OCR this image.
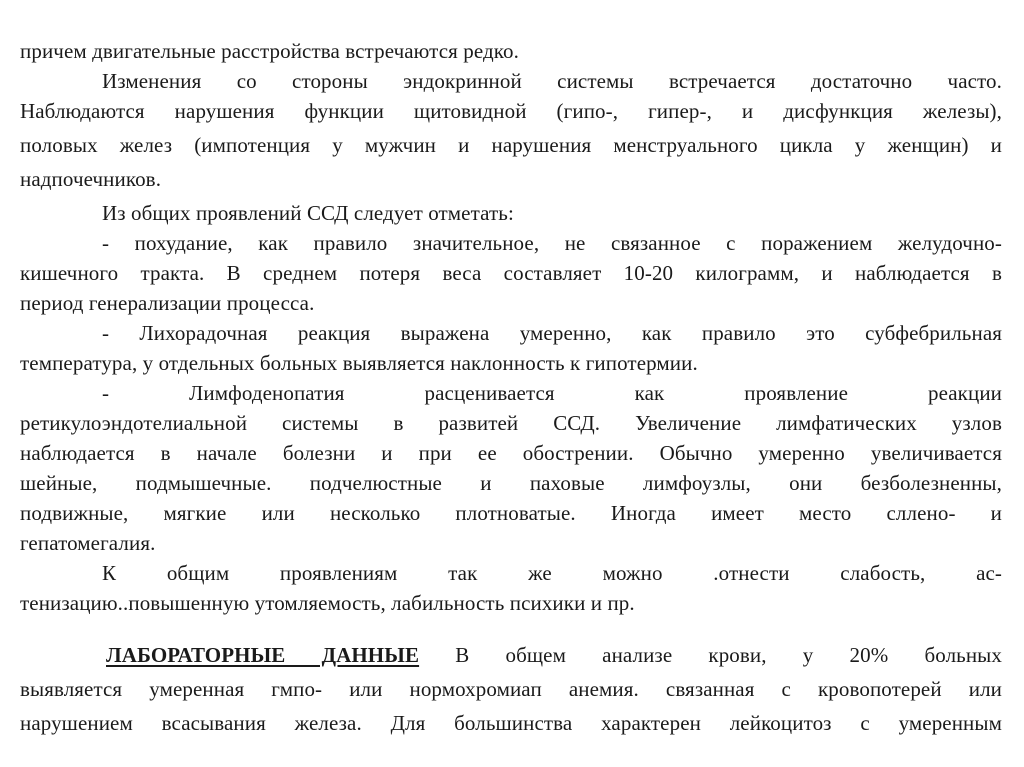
причем двигательные расстройства встречаются редко.
Изменения со стороны эндокринной системы встречается достаточно часто.
Наблюдаются нарушения функции щитовидной (гипо-, гипер-, и дисфункция железы),
половых желез (импотенция у мужчин и нарушения менструального цикла у женщин) и
надпочечников.
Из общих проявлений ССД следует отметать:
- похудание, как правило значительное, не связанное с поражением желудочно-
кишечного тракта. В среднем потеря веса составляет 10-20 килограмм, и наблюдается в
период генерализации процесса.
- Лихорадочная реакция выражена умеренно, как правило это субфебрильная
температура, у отдельных больных выявляется наклонность к гипотермии.
- Лимфоденопатия расценивается как проявление реакции
ретикулоэндотелиальной системы в развитей ССД. Увеличение лимфатических узлов
наблюдается в начале болезни и при ее обострении. Обычно умеренно увеличивается
шейные, подмышечные. подчелюстные и паховые лимфоузлы, они безболезненны,
подвижные, мягкие или несколько плотноватые. Иногда имеет место сллено- и
гепатомегалия.
К общим проявлениям так же можно .отнести слабость, ас-
тенизацию..повышенную утомляемость, лабильность психики и пр.
ЛАБОРАТОРНЫЕ ДАННЫЕ В общем анализе крови, у 20% больных
выявляется умеренная гмпо- или нормохромиап анемия. связанная с кровопотерей или
нарушением всасывания железа. Для большинства характерен лейкоцитоз с умеренным
